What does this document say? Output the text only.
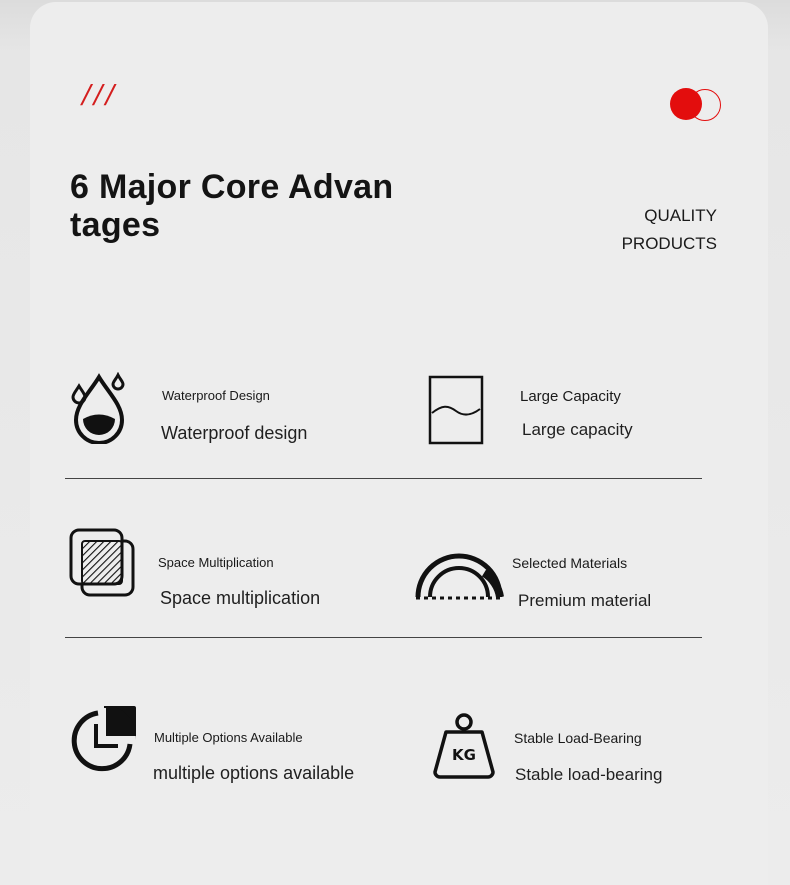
///
6 Major Core Advantages	QUALITY
PRODUCTS
Waterproof Design
Waterproof design
Large Capacity
Large capacity
Space Multiplication
Space multiplication
Selected Materials
Premium material
Multiple Options Available
multiple options available
KG
Stable Load-Bearing
Stable load-bearing
